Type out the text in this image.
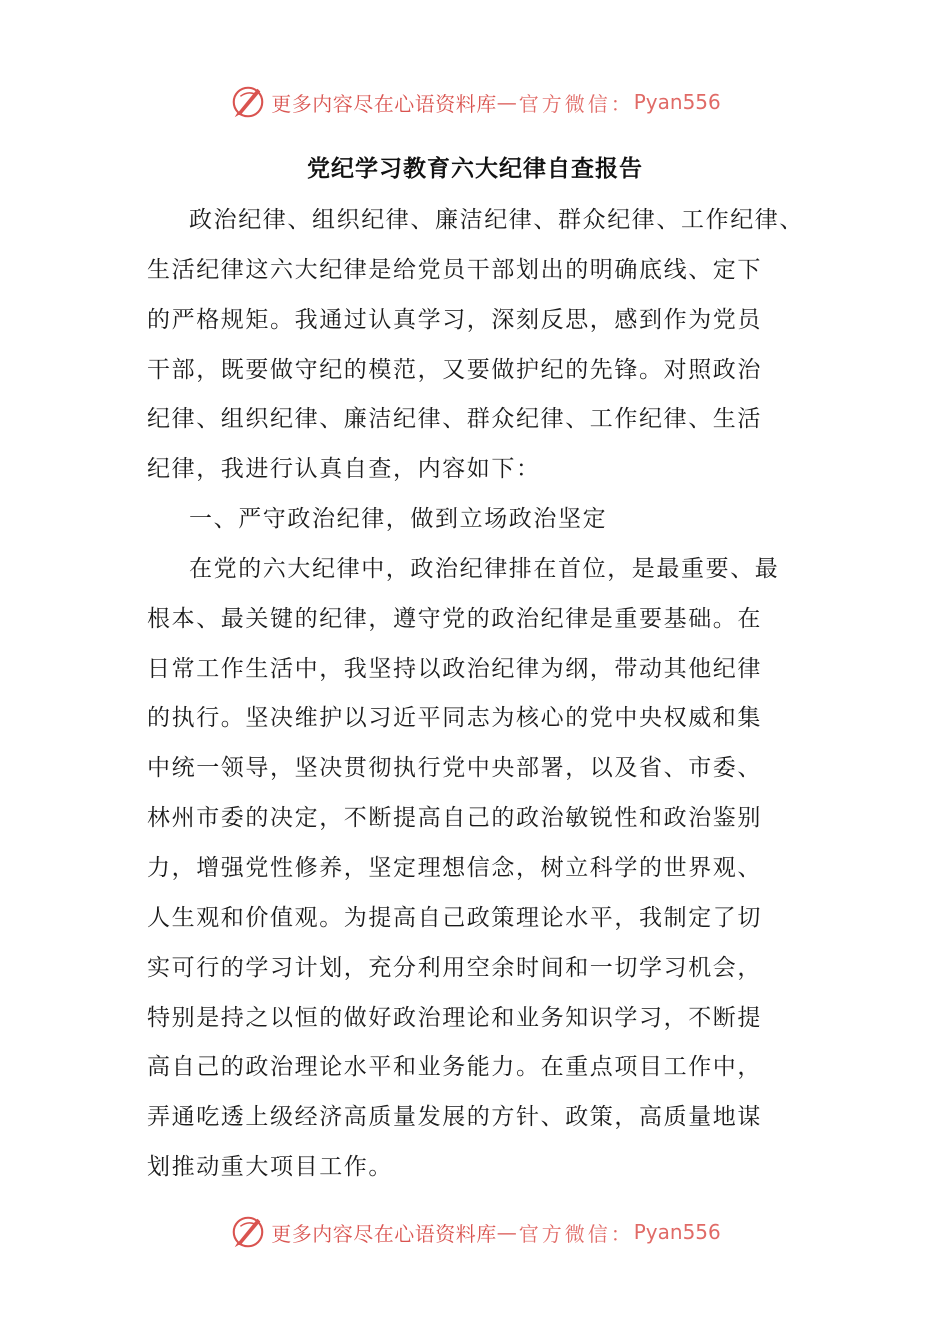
更多内容尽在心语资料库 — 官方微信： Pyan556
党纪学习教育六大纪律自查报告
政治纪律、组织纪律、廉洁纪律、群众纪律、工作纪律、
生活纪律这六大纪律是给党员干部划出的明确底线、定下
的严格规矩。我通过认真学习，深刻反思，感到作为党员
干部，既要做守纪的模范，又要做护纪的先锋。对照政治
纪律、组织纪律、廉洁纪律、群众纪律、工作纪律、生活
纪律，我进行认真自查，内容如下：
一、严守政治纪律，做到立场政治坚定
在党的六大纪律中，政治纪律排在首位，是最重要、最
根本、最关键的纪律，遵守党的政治纪律是重要基础。在
日常工作生活中，我坚持以政治纪律为纲，带动其他纪律
的执行。坚决维护以习近平同志为核心的党中央权威和集
中统一领导，坚决贯彻执行党中央部署，以及省、市委、
林州市委的决定，不断提高自己的政治敏锐性和政治鉴别
力，增强党性修养，坚定理想信念，树立科学的世界观、
人生观和价值观。为提高自己政策理论水平，我制定了切
实可行的学习计划，充分利用空余时间和一切学习机会，
特别是持之以恒的做好政治理论和业务知识学习，不断提
高自己的政治理论水平和业务能力。在重点项目工作中，
弄通吃透上级经济高质量发展的方针、政策，高质量地谋
划推动重大项目工作。
更多内容尽在心语资料库 — 官方微信： Pyan556
